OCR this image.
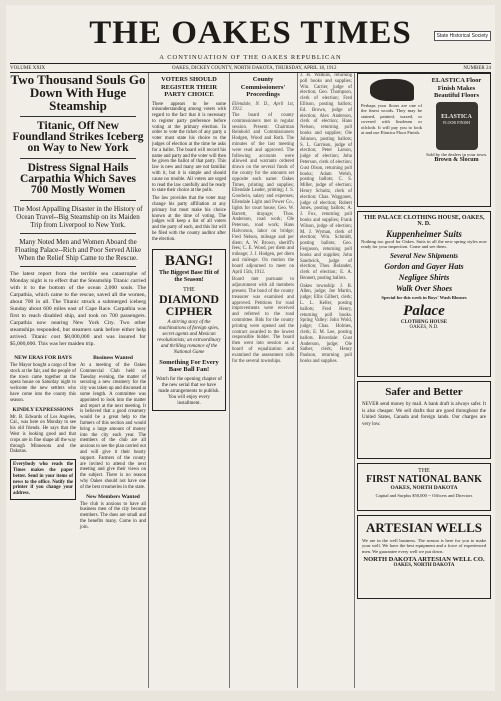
State Historical Society
THE OAKES TIMES
A CONTINUATION OF THE OAKES REPUBLICAN
VOLUME XXIX	OAKES, DICKEY COUNTY, NORTH DAKOTA, THURSDAY, APRIL 18, 1912	NUMBER 24
Two Thousand Souls Go Down With Huge Steamship
Titanic, Off New Foundland Strikes Iceberg on Way to New York
Distress Signal Hails Carpathia Which Saves 700 Mostly Women
The Most Appalling Disaster in the History of Ocean Travel--Big Steamship on its Maiden Trip from Liverpool to New York.
Many Noted Men and Women Aboard the Floating Palace--Rich and Poor Served Alike When the Relief Ship Came to the Rescue.
The latest report from the terrible sea catastrophe of Monday night is to effect that the Steamship Titanic carried with it to the bottom of the ocean 2,000 souls. The Carpathia, which came to the rescue, saved all the women, about 700 in all. The Titanic struck a submerged iceberg Sunday about 600 miles east of Cape Race. Carpathia was first to reach disabled ship, and took on 700 passengers. Carpathia now nearing New York City. Two other steamships responded, but steamers sank before either help arrived. Titanic cost $8,000,000 and was insured for $5,000,000. This was her maiden trip.
NEW ERAS FOR BAYS
The Mayor bought a cargo of fine stock at the fair, and the people of the town came together at the opera house on Saturday night to welcome the new settlers who have come into the county this season.
KINDLY EXPRESSIONS
Mr. B. Edwards of Los Angeles, Cal., was here on Monday to see his old friends. He says that the West is looking good and that crops are in fine shape all the way through Minnesota and the Dakotas.
Everybody who reads the Times makes the paper better. Send in your items of news to the office. Notify the printer if you change your address.
Business Wanted
At a meeting of the Oakes Commercial Club held on Tuesday evening, the matter of securing a new creamery for the city was taken up and discussed at some length. A committee was appointed to look into the matter and report at the next meeting. It is believed that a good creamery would be a great help to the farmers of this section and would bring a large amount of money into the city each year. The members of the club are all anxious to see the plan carried out and will give it their hearty support. Farmers of the county are invited to attend the next meeting and give their views on the subject. There is no reason why Oakes should not have one of the best creameries in the state.
New Members Wanted
The club is anxious to have all business men of the city become members. The dues are small and the benefits many. Come in and join.
VOTERS SHOULD REGISTER THEIR PARTY CHOICE
There appears to be some misunderstanding among voters with regard to the fact that it is necessary to register party preference before voting at the primary election. In order to vote the ticket of any party a voter must state his choice to the judges of election at the time he asks for a ballot. The board will record his name and party and the voter will then be given the ballot of that party. This law is new and many are not familiar with it, but it is simple and should cause no trouble. All voters are urged to read the law carefully and be ready to state their choice at the polls.
The law provides that the voter may change his party affiliation at any primary but must make his choice known at the time of voting. The judges will keep a list of all voters and the party of each, and this list will be filed with the county auditor after the election.
BANG!
The Biggest Base Hit of the Season!
THE
DIAMOND CIPHER
A stirring story of the machinations of foreign spies, secret agents and Mexican revolutionists; an extraordinary and thrilling romance of the National Game
Something For Every Base Ball Fan!
Watch for the opening chapter of the new serial that we have made arrangements to publish. You will enjoy every installment.
County Commissioners' Proceedings
Ellendale, N. D., April 1st, 1912.
The board of county commissioners met in regular session. Present: Chairman Reinhold and Commissioners Hodgen, Wood and Roth. The minutes of the last meeting were read and approved. The following accounts were allowed and warrants ordered drawn on the several funds of the county for the amounts set opposite each name: Oakes Times, printing and supplies; Ellendale Leader, printing; J. S. Goodwin, salary and expenses; Ellendale Light and Power Co., lights for court house; Geo. W. Barrett, drayage; Thos. Anderson, road work; Ole Peterson, road work; Hans Halvorson, labor on bridge; Fred Nelson, mileage and per diem; A. W. Brown, sheriff's fees; C. E. Wood, per diem and mileage; J. J. Hodgen, per diem and mileage. On motion the board adjourned to meet on April 15th, 1912.
Board met pursuant to adjournment with all members present. The bond of the county treasurer was examined and approved. Petitions for road improvements were received and referred to the road committee. Bids for the county printing were opened and the contract awarded to the lowest responsible bidder. The board then went into session as a board of equalization and examined the assessment rolls for the several townships.
J. H. Watkins, returning poll books and supplies; Wm. Carrier, judge of election; Geo. Thompson, clerk of election; Fred Ellison, posting ballots; Ed. Brown, judge of election; Alex Anderson, clerk of election; Hans Nelson, returning poll books and supplies; Ole Johnson, posting ballots; S. L. Garrison, judge of election; Peter Larson, judge of election; John Peterson, clerk of election; Gust Olson, returning poll books; Adam Welsh, posting ballots; C. S. Miller, judge of election; Henry Schultz, clerk of election; Chas. Waggoner, judge of election; Robert Jones, posting ballots; A. J. Fox, returning poll books and supplies; Frank Wilson, judge of election; M. J. Wyman, clerk of election; Wm. Schmidt, posting ballots; Geo. Ferguson, returning poll books and supplies; John Sandwick, judge of election; Thos. Bolander, clerk of election; E. A. Bennett, posting ballots.
Oakes township: J. B. Allen, judge; Joe Martin, judge; Ellis Gilbert, clerk; L. L. Keller, posting ballots; Fred Henry, returning poll books. Spring Valley: John Wold, judge; Chas. Holmes, clerk; E. M. Lee, posting ballots. Riverdale: Gust Anderson, judge; Ole Sather, clerk; Henry Paulson, returning poll books and supplies.
Perhaps your floors are one of the finest woods. They may be stained, painted, waxed, or covered with linoleum or oilcloth. It will pay you to look at and use Elastica Floor Finish.
ELASTICA Floor Finish Makes Beautiful Floors
ELASTICA
FLOOR FINISH
Sold by the dealers in your town.
Brown & Slocum
THE PALACE CLOTHING HOUSE, OAKES, N. D.
Kuppenheimer Suits
Nothing too good for Oakes. Suits in all the new spring styles now ready for your inspection. Come and see them.
Several New Shipments
Gordon and Gayer Hats
Negligee Shirts
Walk Over Shoes
Special for this week in Boys' Wash Blouses
Palace
CLOTHING HOUSE
OAKES, N.D.
Safer and Better
NEVER send money by mail. A bank draft is always safer. It is also cheaper. We sell drafts that are good throughout the United States, Canada and foreign lands. Our charges are very low.
THE
FIRST NATIONAL BANK
OAKES, NORTH DAKOTA
Capital and Surplus $50,000 -- Officers and Directors
ARTESIAN WELLS
We are in the well business. The season is here for you to make your well. We have the best equipment and a force of experienced men. We guarantee every well we put down.
NORTH DAKOTA ARTESIAN WELL CO.
OAKES, NORTH DAKOTA
